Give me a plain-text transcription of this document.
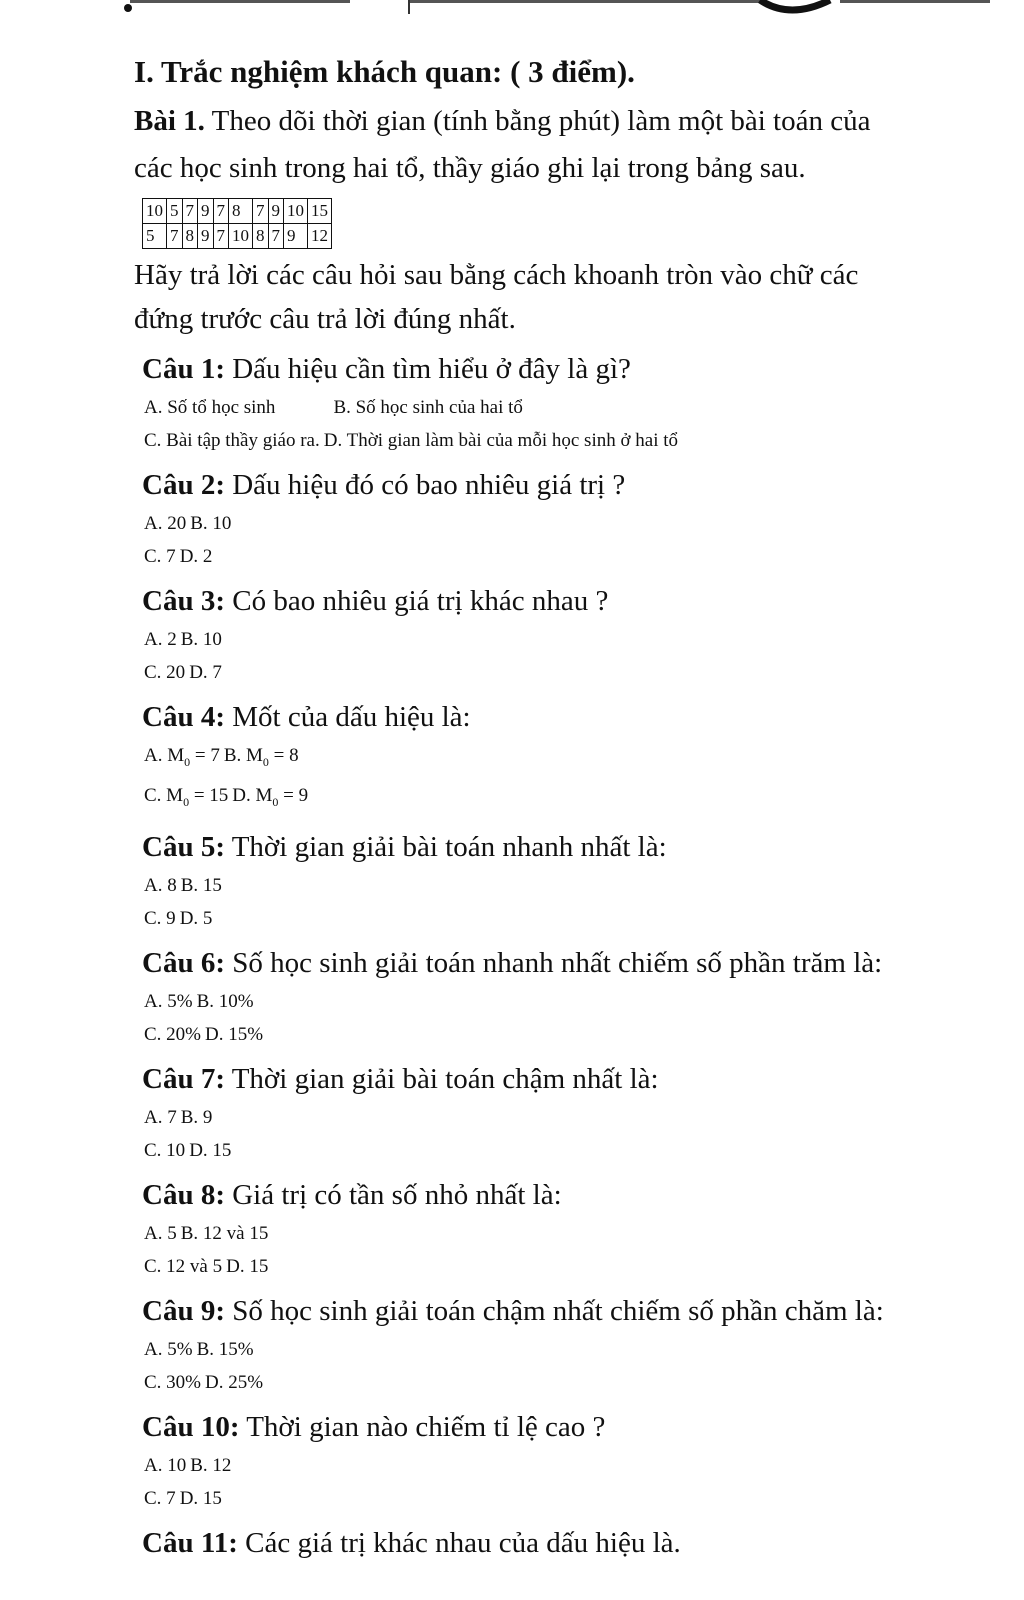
I. Trắc nghiệm khách quan: ( 3 điểm).

Bài 1. Theo dõi thời gian (tính bằng phút) làm một bài toán của các học sinh trong hai tổ, thầy giáo ghi lại trong bảng sau.

10	5	7	9	7	8	7	9	10	15
5	7	8	9	7	10	8	7	9	12

Hãy trả lời các câu hỏi sau bằng cách khoanh tròn vào chữ các đứng trước câu trả lời đúng nhất.

Câu 1: Dấu hiệu cần tìm hiểu ở đây là gì?
A. Số tổ học sinh	B. Số học sinh của hai tổ
C. Bài tập thầy giáo ra. D. Thời gian làm bài của mỗi học sinh ở hai tổ
Câu 2: Dấu hiệu đó có bao nhiêu giá trị ?
A. 20 B. 10
C. 7 D. 2
Câu 3: Có bao nhiêu giá trị khác nhau ?
A. 2 B. 10
C. 20 D. 7
Câu 4: Mốt của dấu hiệu là:
A. $M_0 = 7$ B. $M_0 = 8$
C. $M_0 = 15$ D. $M_0 = 9$
Câu 5: Thời gian giải bài toán nhanh nhất là:
A. 8 B. 15
C. 9 D. 5
Câu 6: Số học sinh giải toán nhanh nhất chiếm số phần trăm là:
A. 5% B. 10%
C. 20% D. 15%
Câu 7: Thời gian giải bài toán chậm nhất là:
A. 7 B. 9
C. 10 D. 15
Câu 8: Giá trị có tần số nhỏ nhất là:
A. 5 B. 12 và 15
C. 12 và 5 D. 15
Câu 9: Số học sinh giải toán chậm nhất chiếm số phần chăm là:
A. 5% B. 15%
C. 30% D. 25%
Câu 10: Thời gian nào chiếm tỉ lệ cao ?
A. 10 B. 12
C. 7 D. 15
Câu 11: Các giá trị khác nhau của dấu hiệu là.
